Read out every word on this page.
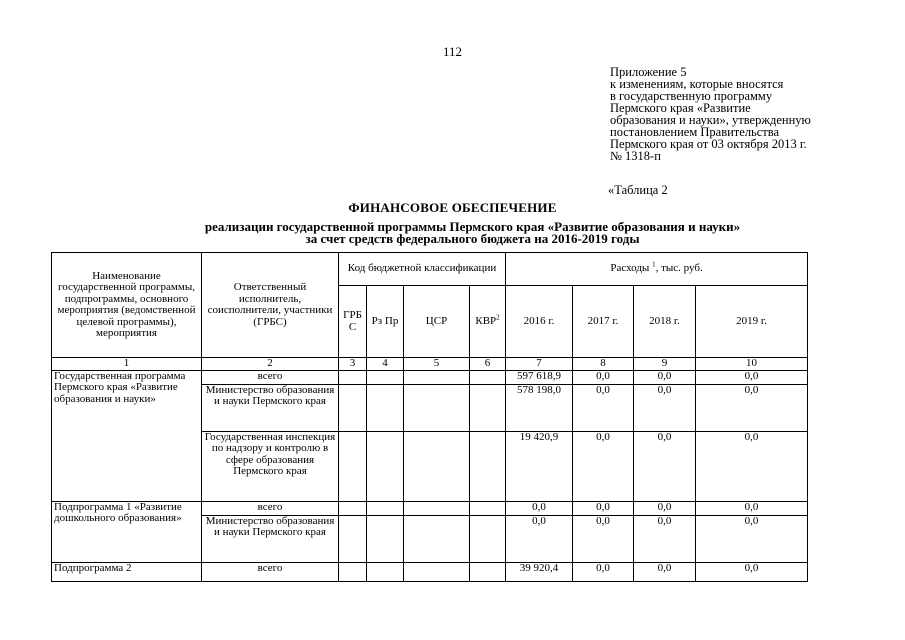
112
Приложение 5
к изменениям, которые вносятся
в государственную программу
Пермского края «Развитие
образования и науки», утвержденную
постановлением Правительства
Пермского края от 03 октября 2013 г.
№ 1318-п
«Таблица 2
ФИНАНСОВОЕ ОБЕСПЕЧЕНИЕ
реализации государственной программы Пермского края «Развитие образования и науки»
за счет средств федерального бюджета на 2016-2019 годы
Наименование государственной программы, подпрограммы, основного мероприятия (ведомственной целевой программы), мероприятия	Ответственный исполнитель, соисполнители, участники (ГРБС)	Код бюджетной классификации				Расходы $^1$, тыс. руб.			
		ГРБ С	Рз Пр	ЦСР	КВР$^2$	2016 г.	2017 г.	2018 г.	2019 г.
1	2	3	4	5	6	7	8	9	10
Государственная программа Пермского края «Развитие образования и науки»	всего					597 618,9	0,0	0,0	0,0
	Министерство образования и науки Пермского края					578 198,0	0,0	0,0	0,0
	Государственная инспекция по надзору и контролю в сфере образования Пермского края					19 420,9	0,0	0,0	0,0
Подпрограмма 1 «Развитие дошкольного образования»	всего					0,0	0,0	0,0	0,0
	Министерство образования и науки Пермского края					0,0	0,0	0,0	0,0
Подпрограмма 2	всего					39 920,4	0,0	0,0	0,0
